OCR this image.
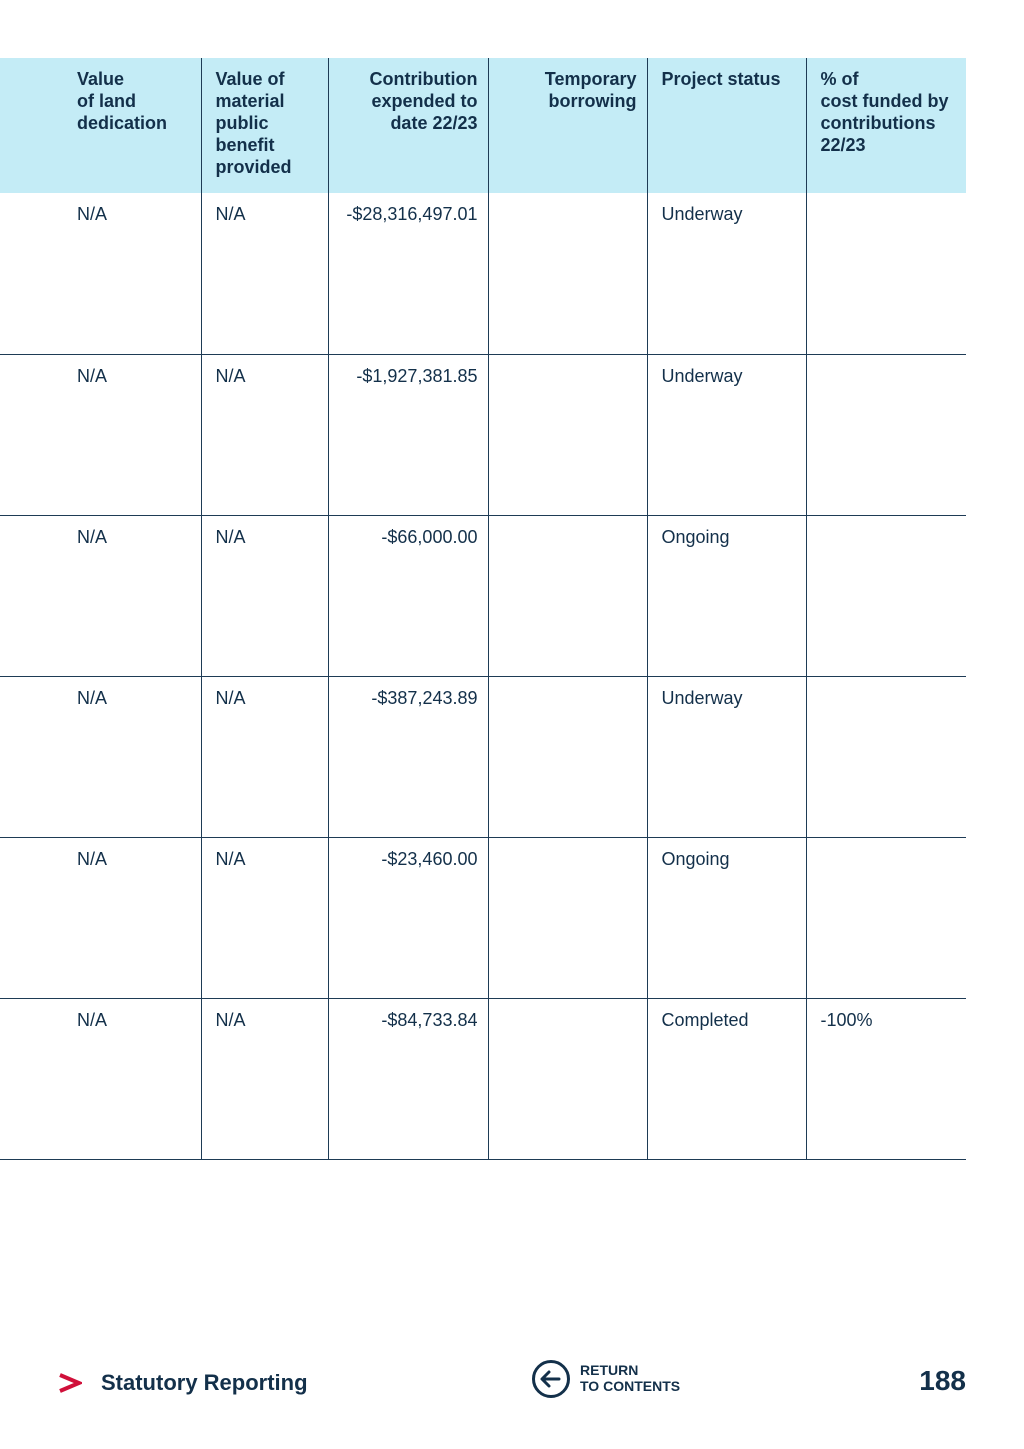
Value
of land
dedication	Value of
material
public
benefit
provided	Contribution
expended to
date 22/23	Temporary
borrowing	Project status	% of
cost funded by
contributions
22/23
N/A	N/A	-$28,316,497.01		Underway	
N/A	N/A	-$1,927,381.85		Underway	
N/A	N/A	-$66,000.00		Ongoing	
N/A	N/A	-$387,243.89		Underway	
N/A	N/A	-$23,460.00		Ongoing	
N/A	N/A	-$84,733.84		Completed	-100%
Statutory Reporting	RETURN
TO CONTENTS	188
